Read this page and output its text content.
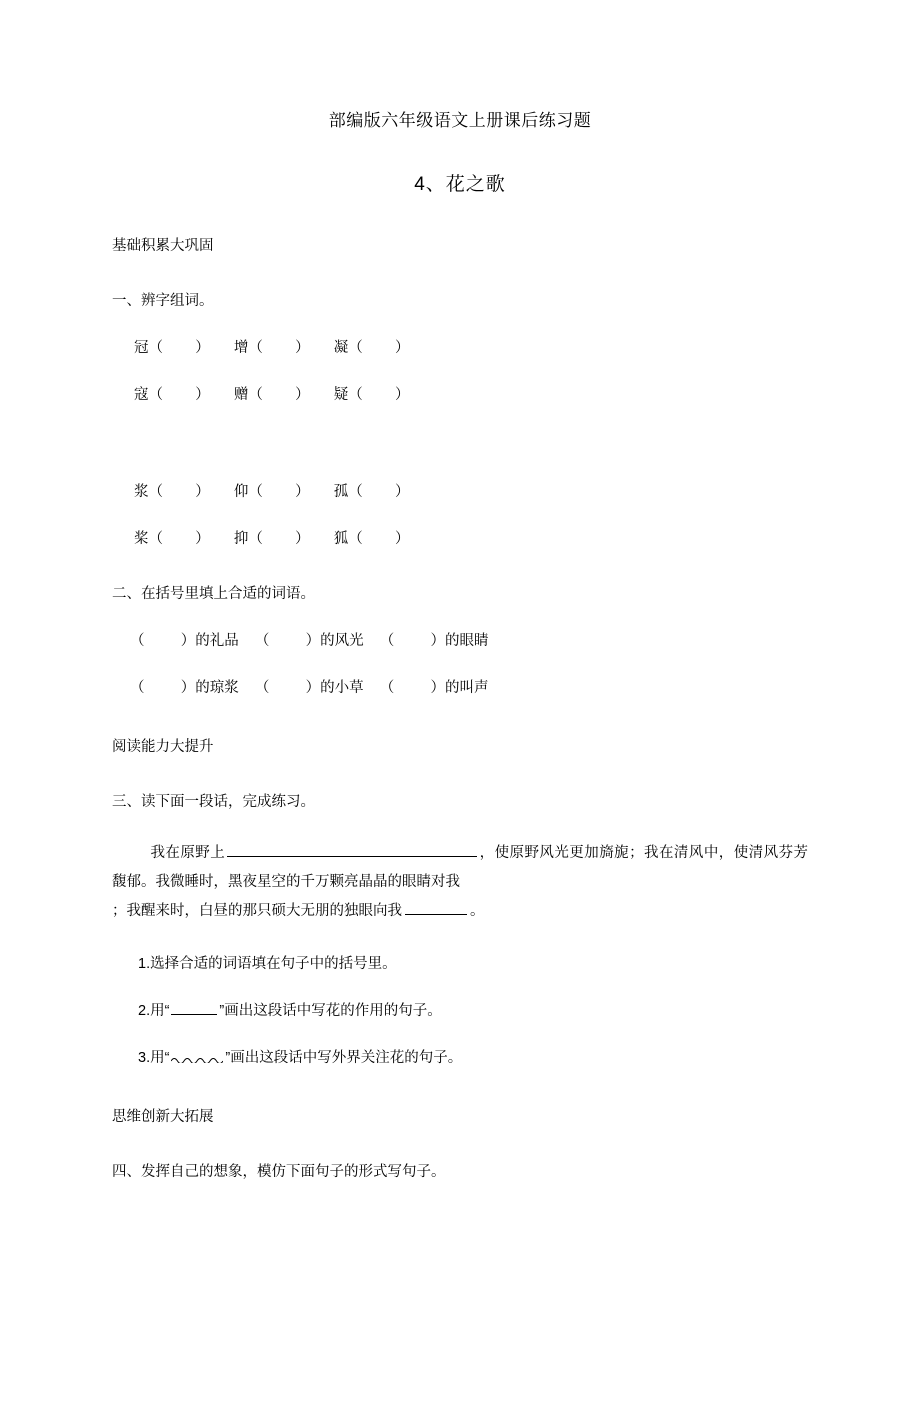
部编版六年级语文上册课后练习题
4、花之歌
基础积累大巩固
一、辨字组词。
冠（        ）      增（        ）      凝（        ）
寇（        ）      赠（        ）      疑（        ）
浆（        ）      仰（        ）      孤（        ）
桨（        ）      抑（        ）      狐（        ）
二、在括号里填上合适的词语。
（         ）的礼品    （         ）的风光    （         ）的眼睛
（         ）的琼浆    （         ）的小草    （         ）的叫声
阅读能力大提升
三、读下面一段话，完成练习。
我在原野上	，使原野风光更加旖旎；我在清风中，使清风芬芳馥郁。我微睡时，黑夜星空的千万颗亮晶晶的眼睛对我
；我醒来时，白昼的那只硕大无朋的独眼向我	。
1.选择合适的词语填在句子中的括号里。
2.用“	”画出这段话中写花的作用的句子。
3.用“	”画出这段话中写外界关注花的句子。
思维创新大拓展
四、发挥自己的想象，模仿下面句子的形式写句子。
